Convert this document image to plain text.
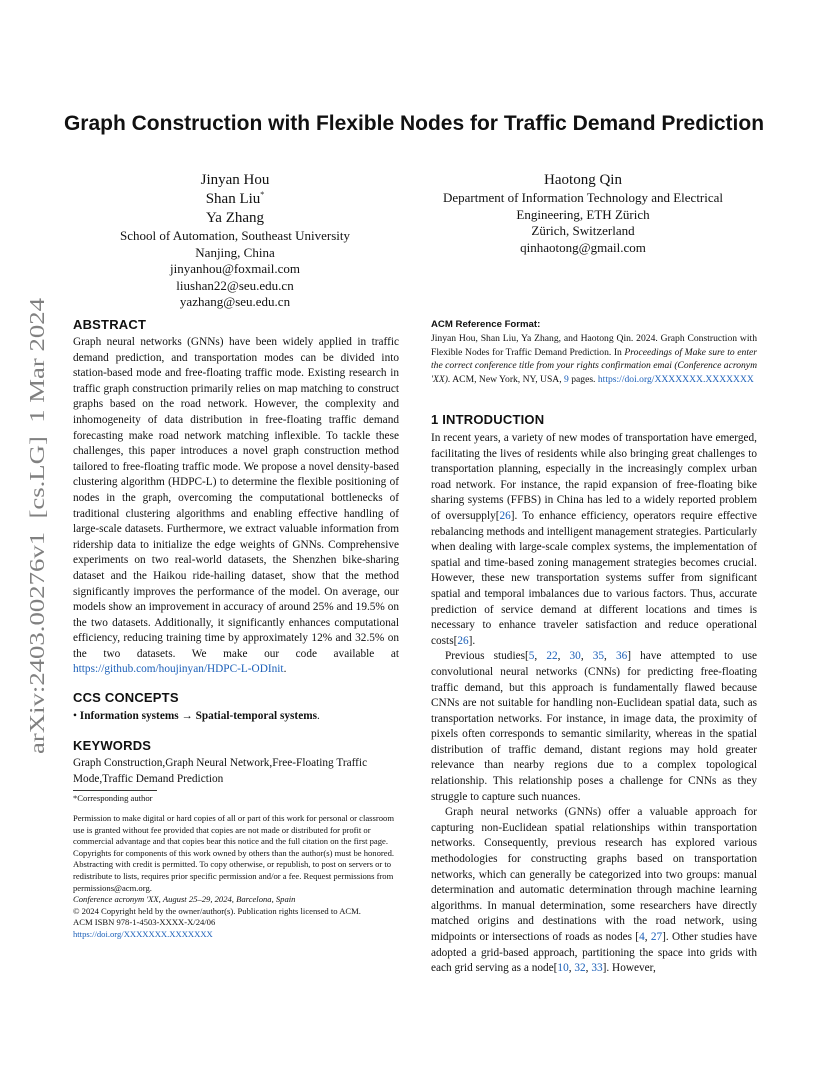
Graph Construction with Flexible Nodes for Traffic Demand Prediction
Jinyan Hou
Shan Liu*
Ya Zhang
School of Automation, Southeast University
Nanjing, China
jinyanhou@foxmail.com
liushan22@seu.edu.cn
yazhang@seu.edu.cn
Haotong Qin
Department of Information Technology and Electrical
Engineering, ETH Zürich
Zürich, Switzerland
qinhaotong@gmail.com
arXiv:2403.00276v1  [cs.LG]  1 Mar 2024
ABSTRACT

Graph neural networks (GNNs) have been widely applied in traffic demand prediction, and transportation modes can be divided into station-based mode and free-floating traffic mode. Existing research in traffic graph construction primarily relies on map matching to construct graphs based on the road network. However, the complexity and inhomogeneity of data distribution in free-floating traffic demand forecasting make road network matching inflexible. To tackle these challenges, this paper introduces a novel graph construction method tailored to free-floating traffic mode. We propose a novel density-based clustering algorithm (HDPC-L) to determine the flexible positioning of nodes in the graph, overcoming the computational bottlenecks of traditional clustering algorithms and enabling effective handling of large-scale datasets. Furthermore, we extract valuable information from ridership data to initialize the edge weights of GNNs. Comprehensive experiments on two real-world datasets, the Shenzhen bike-sharing dataset and the Haikou ride-hailing dataset, show that the method significantly improves the performance of the model. On average, our models show an improvement in accuracy of around 25% and 19.5% on the two datasets. Additionally, it significantly enhances computational efficiency, reducing training time by approximately 12% and 32.5% on the two datasets. We make our code available at https://github.com/houjinyan/HDPC-L-ODInit.

CCS CONCEPTS

• Information systems → Spatial-temporal systems.

KEYWORDS

Graph Construction,Graph Neural Network,Free-Floating Traffic Mode,Traffic Demand Prediction

*Corresponding author

Permission to make digital or hard copies of all or part of this work for personal or classroom use is granted without fee provided that copies are not made or distributed for profit or commercial advantage and that copies bear this notice and the full citation on the first page. Copyrights for components of this work owned by others than the author(s) must be honored. Abstracting with credit is permitted. To copy otherwise, or republish, to post on servers or to redistribute to lists, requires prior specific permission and/or a fee. Request permissions from permissions@acm.org.

Conference acronym 'XX, August 25–29, 2024, Barcelona, Spain

© 2024 Copyright held by the owner/author(s). Publication rights licensed to ACM.

ACM ISBN 978-1-4503-XXXX-X/24/06

https://doi.org/XXXXXXX.XXXXXXX

ACM Reference Format:

Jinyan Hou, Shan Liu, Ya Zhang, and Haotong Qin. 2024. Graph Construction with Flexible Nodes for Traffic Demand Prediction. In Proceedings of Make sure to enter the correct conference title from your rights confirmation emai (Conference acronym 'XX). ACM, New York, NY, USA, 9 pages. https://doi.org/XXXXXXX.XXXXXXX

1 INTRODUCTION

In recent years, a variety of new modes of transportation have emerged, facilitating the lives of residents while also bringing great challenges to transportation planning, especially in the increasingly complex urban road network. For instance, the rapid expansion of free-floating bike sharing systems (FFBS) in China has led to a widely reported problem of oversupply[26]. To enhance efficiency, operators require effective rebalancing methods and intelligent management strategies. Particularly when dealing with large-scale complex systems, the implementation of spatial and time-based zoning management strategies becomes crucial. However, these new transportation systems suffer from significant spatial and temporal imbalances due to various factors. Thus, accurate prediction of service demand at different locations and times is necessary to enhance traveler satisfaction and reduce operational costs[26].

Previous studies[5, 22, 30, 35, 36] have attempted to use convolutional neural networks (CNNs) for predicting free-floating traffic demand, but this approach is fundamentally flawed because CNNs are not suitable for handling non-Euclidean spatial data, such as transportation networks. For instance, in image data, the proximity of pixels often corresponds to semantic similarity, whereas in the spatial distribution of traffic demand, distant regions may hold greater relevance than nearby regions due to a complex topological relationship. This relationship poses a challenge for CNNs as they struggle to capture such nuances.

Graph neural networks (GNNs) offer a valuable approach for capturing non-Euclidean spatial relationships within transportation networks. Consequently, previous research has explored various methodologies for constructing graphs based on transportation networks, which can generally be categorized into two groups: manual determination and automatic determination through machine learning algorithms. In manual determination, some researchers have directly matched origins and destinations with the road network, using midpoints or intersections of roads as nodes [4, 27]. Other studies have adopted a grid-based approach, partitioning the space into grids with each grid serving as a node[10, 32, 33]. However,
